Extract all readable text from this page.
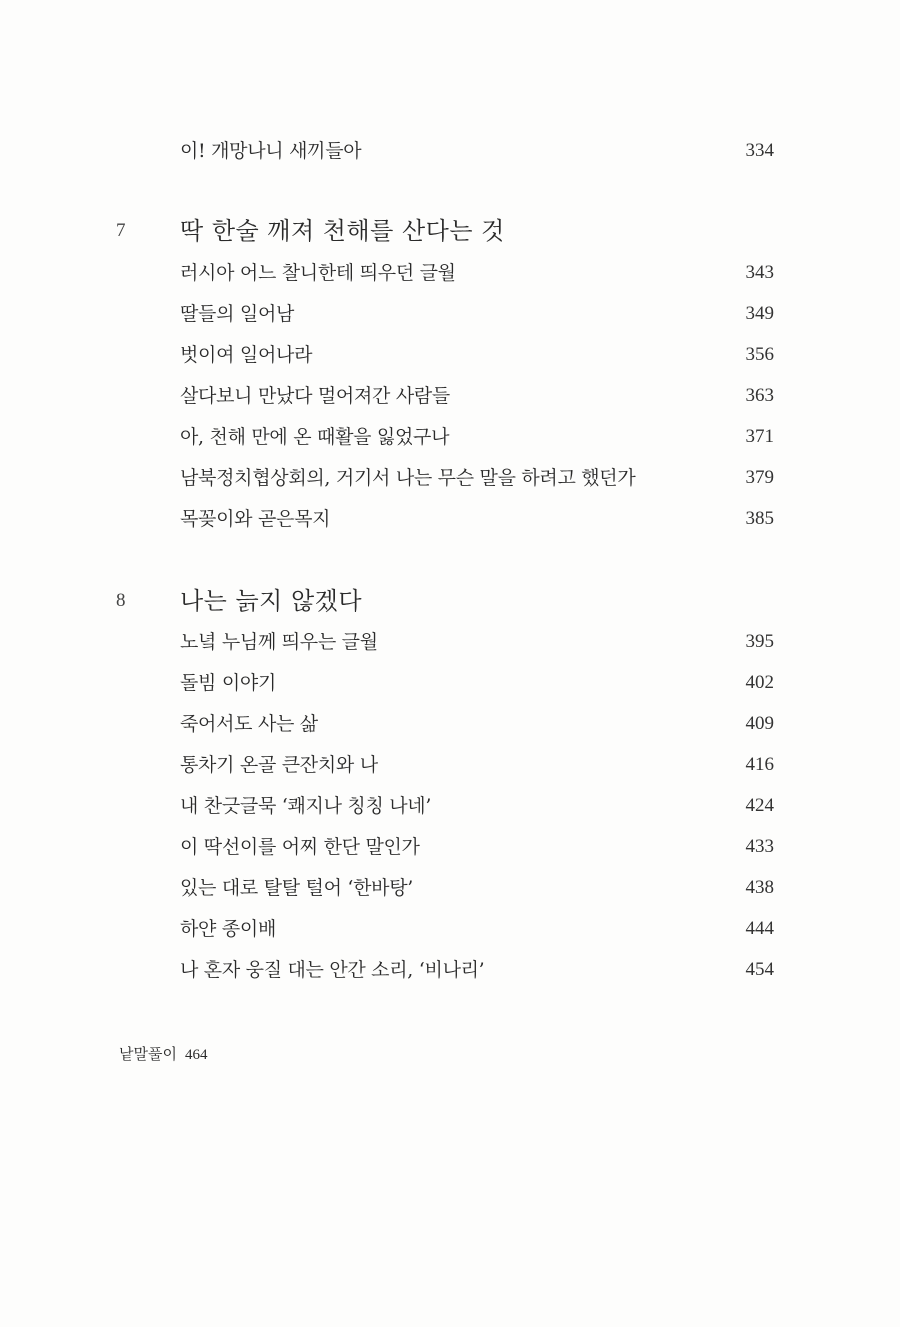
이! 개망나니 새끼들아	334
7 딱 한술 깨져 천해를 산다는 것
러시아 어느 찰니한테 띄우던 글월	343
딸들의 일어남	349
벗이여 일어나라	356
살다보니 만났다 멀어져간 사람들	363
아, 천해 만에 온 때활을 잃었구나	371
남북정치협상회의, 거기서 나는 무슨 말을 하려고 했던가	379
목꽂이와 곧은목지	385
8 나는 늙지 않겠다
노녘 누님께 띄우는 글월	395
돌빔 이야기	402
죽어서도 사는 삶	409
통차기 온골 큰잔치와 나	416
내 찬긋글묵 ‘쾌지나 칭칭 나네’	424
이 딱선이를 어찌 한단 말인가	433
있는 대로 탈탈 털어 ‘한바탕’	438
하얀 종이배	444
나 혼자 웅질 대는 안간 소리, ‘비나리’	454
낱말풀이 464
